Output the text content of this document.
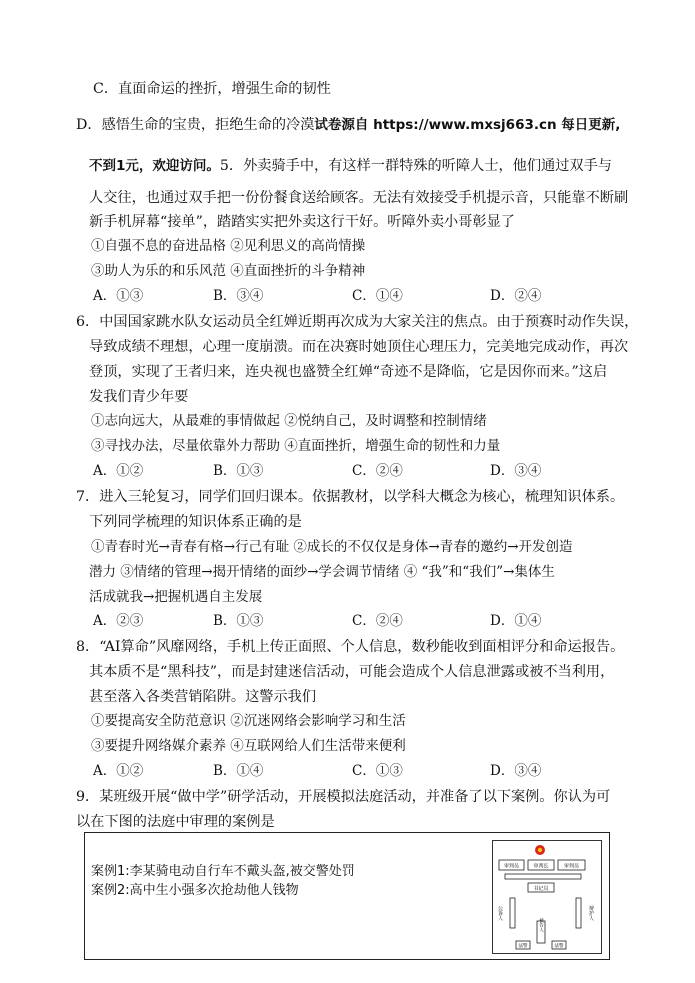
C．直面命运的挫折，增强生命的韧性
D．感悟生命的宝贵，拒绝生命的冷漠试卷源自 https://www.mxsj663.cn 每日更新,
不到1元，欢迎访问。5．外卖骑手中，有这样一群特殊的听障人士，他们通过双手与
人交往，也通过双手把一份份餐食送给顾客。无法有效接受手机提示音，只能靠不断刷
新手机屏幕“接单”，踏踏实实把外卖这行干好。听障外卖小哥彰显了
①自强不息的奋进品格 ②见利思义的高尚情操
③助人为乐的和乐风范 ④直面挫折的斗争精神
A．①③	B．③④	C．①④	D．②④
6．中国国家跳水队女运动员全红婵近期再次成为大家关注的焦点。由于预赛时动作失误，
导致成绩不理想，心理一度崩溃。而在决赛时她顶住心理压力，完美地完成动作，再次
登顶，实现了王者归来，连央视也盛赞全红婵“奇迹不是降临，它是因你而来。”这启
发我们青少年要
①志向远大，从最难的事情做起 ②悦纳自己，及时调整和控制情绪
③寻找办法，尽量依靠外力帮助 ④直面挫折，增强生命的韧性和力量
A．①②	B．①③	C．②④	D．③④
7．进入三轮复习，同学们回归课本。依据教材，以学科大概念为核心，梳理知识体系。
下列同学梳理的知识体系正确的是
①青春时光→青春有格→行己有耻 ②成长的不仅仅是身体→青春的邀约→开发创造
潜力 ③情绪的管理→揭开情绪的面纱→学会调节情绪 ④ “我”和“我们”→集体生
活成就我→把握机遇自主发展
A．②③	B．①③	C．②④	D．①④
8．“AI算命”风靡网络，手机上传正面照、个人信息，数秒能收到面相评分和命运报告。
其本质不是“黑科技”，而是封建迷信活动，可能会造成个人信息泄露或被不当利用，
甚至落入各类营销陷阱。这警示我们
①要提高安全防范意识 ②沉迷网络会影响学习和生活
③要提升网络媒介素养 ④互联网给人们生活带来便利
A．①②	B．①④	C．①③	D．③④
9．某班级开展“做中学”研学活动，开展模拟法庭活动，并准备了以下案例。你认为可
以在下图的法庭中审理的案例是
案例1:李某骑电动自行车不戴头盔,被交警处罚
案例2:高中生小强多次抢劫他人钱物
审判员	审判长	审判员
书记员
公诉人	辩护人
被告人
法警	法警
